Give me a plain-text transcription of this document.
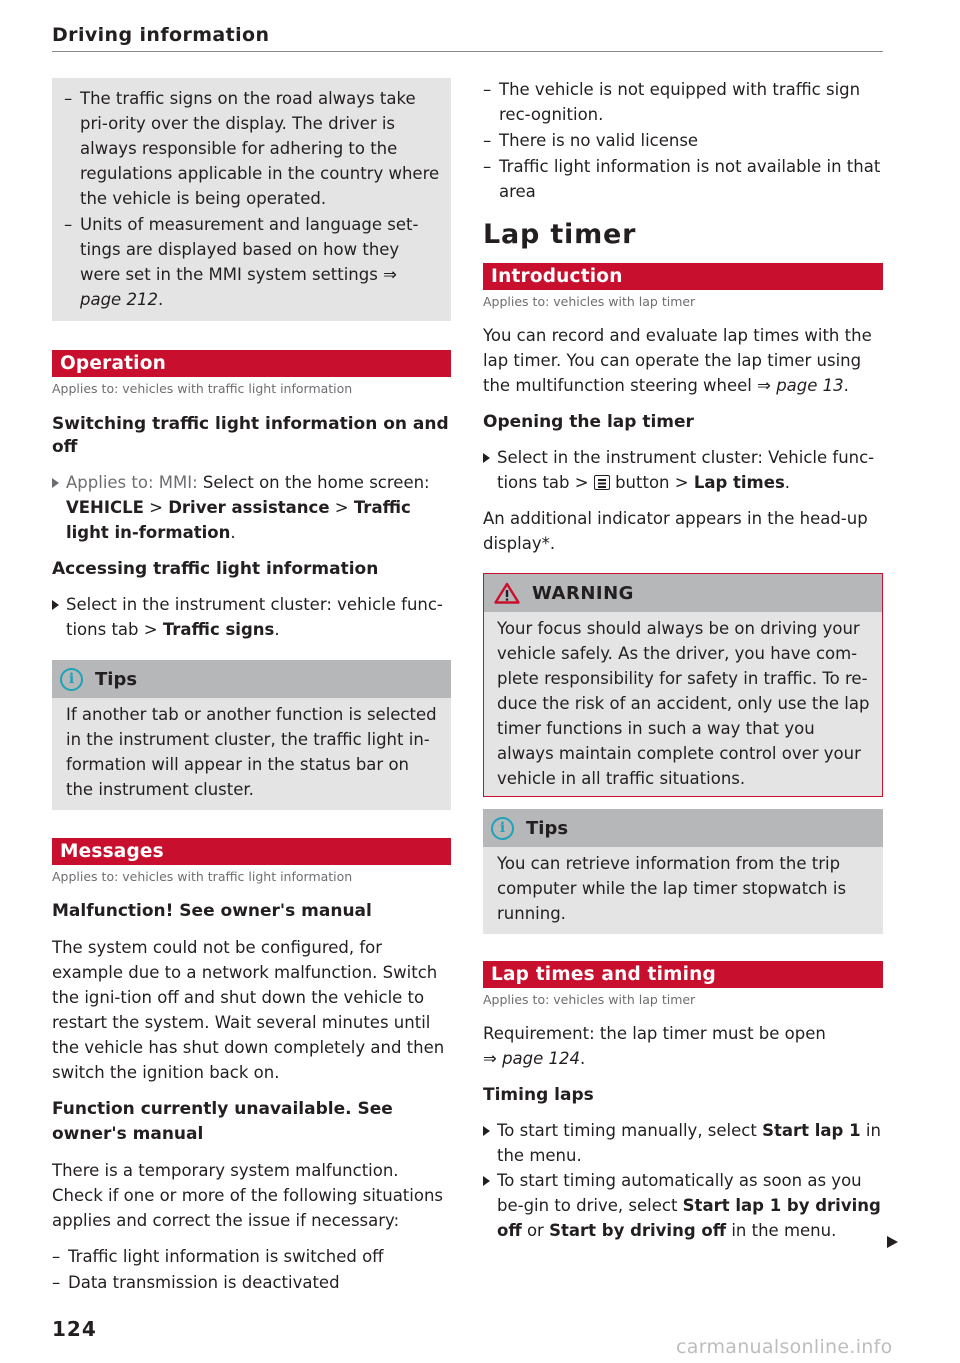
Driving information
– The traffic signs on the road always take pri-ority over the display. The driver is always responsible for adhering to the regulations applicable in the country where the vehicle is being operated.
– Units of measurement and language set-tings are displayed based on how they were set in the MMI system settings ⇒ page 212.
Operation
Applies to: vehicles with traffic light information
Switching traffic light information on and off
Applies to: MMI: Select on the home screen: VEHICLE > Driver assistance > Traffic light in-formation.
Accessing traffic light information
Select in the instrument cluster: vehicle func-tions tab > Traffic signs.
i	Tips
If another tab or another function is selected in the instrument cluster, the traffic light in-formation will appear in the status bar on the instrument cluster.
Messages
Applies to: vehicles with traffic light information
Malfunction! See owner's manual
The system could not be configured, for example due to a network malfunction. Switch the igni-tion off and shut down the vehicle to restart the system. Wait several minutes until the vehicle has shut down completely and then switch the ignition back on.
Function currently unavailable. See owner's manual
There is a temporary system malfunction. Check if one or more of the following situations applies and correct the issue if necessary:
– Traffic light information is switched off
– Data transmission is deactivated
– The vehicle is not equipped with traffic sign rec-ognition.
– There is no valid license
– Traffic light information is not available in that area
Lap timer
Introduction
Applies to: vehicles with lap timer
You can record and evaluate lap times with the lap timer. You can operate the lap timer using the multifunction steering wheel ⇒ page 13.
Opening the lap timer
Select in the instrument cluster: Vehicle func-tions tab >  button > Lap times.
An additional indicator appears in the head-up display*.
WARNING
Your focus should always be on driving your vehicle safely. As the driver, you have com-plete responsibility for safety in traffic. To re-duce the risk of an accident, only use the lap timer functions in such a way that you always maintain complete control over your vehicle in all traffic situations.
i	Tips
You can retrieve information from the trip computer while the lap timer stopwatch is running.
Lap times and timing
Applies to: vehicles with lap timer
Requirement: the lap timer must be open
⇒ page 124.
Timing laps
To start timing manually, select Start lap 1 in the menu.
To start timing automatically as soon as you be-gin to drive, select Start lap 1 by driving off or Start by driving off in the menu.
124
carmanualsonline.info
